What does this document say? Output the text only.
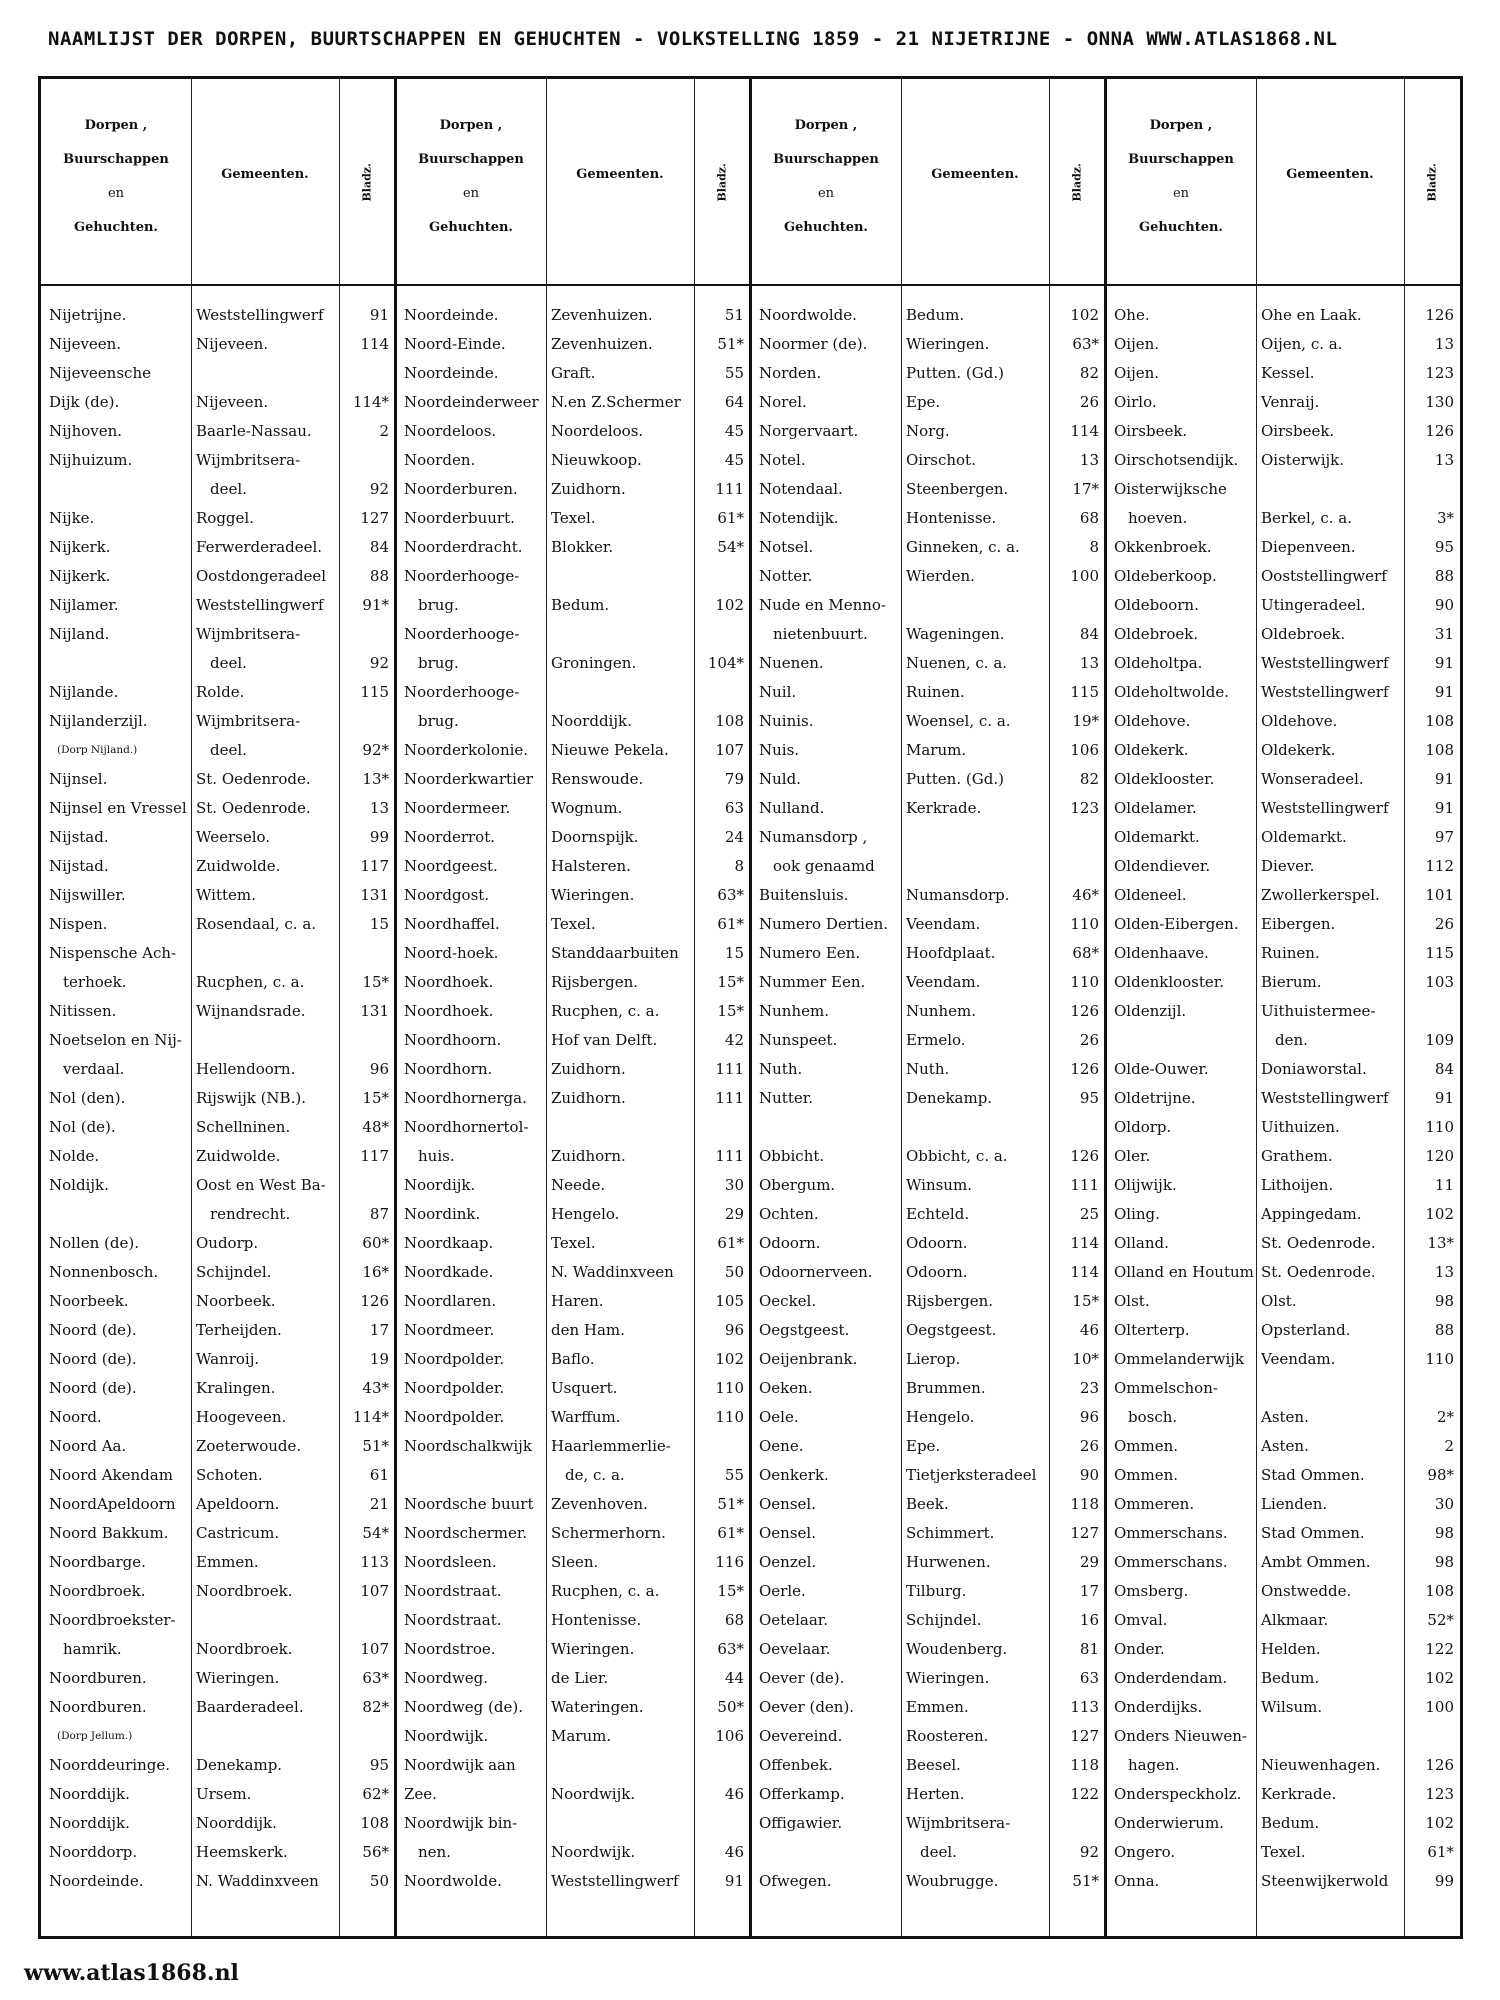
NAAMLIJST DER DORPEN, BUURTSCHAPPEN EN GEHUCHTEN - VOLKSTELLING 1859 - 21 NIJETRIJNE - ONNA WWW.ATLAS1868.NL
Dorpen ,
Buurschappen
en
Gehuchten.
Gemeenten.	Bladz.
Nijetrijne.	Weststellingwerf	91
Nijeveen.	Nijeveen.	114
Nijeveensche
Dijk (de).	Nijeveen.	114*
Nijhoven.	Baarle-Nassau.	2
Nijhuizum.	Wijmbritsera-
deel.	92
Nijke.	Roggel.	127
Nijkerk.	Ferwerderadeel.	84
Nijkerk.	Oostdongeradeel	88
Nijlamer.	Weststellingwerf	91*
Nijland.	Wijmbritsera-
deel.	92
Nijlande.	Rolde.	115
Nijlanderzijl.	Wijmbritsera-
(Dorp Nijland.)	deel.	92*
Nijnsel.	St. Oedenrode.	13*
Nijnsel en Vressel St. Oedenrode.	13
Nijstad.	Weerselo.	99
Nijstad.	Zuidwolde.	117
Nijswiller.	Wittem.	131
Nispen.	Rosendaal, c. a.	15
Nispensche Ach-
terhoek.	Rucphen, c. a.	15*
Nitissen.	Wijnandsrade.	131
Noetselon en Nij-
verdaal.	Hellendoorn.	96
Nol (den).	Rijswijk (NB.).	15*
Nol (de).	Schellninen.	48*
Nolde.	Zuidwolde.	117
Noldijk.	Oost en West Ba-
rendrecht.	87
Nollen (de).	Oudorp.	60*
Nonnenbosch.	Schijndel.	16*
Noorbeek.	Noorbeek.	126
Noord (de).	Terheijden.	17
Noord (de).	Wanroij.	19
Noord (de).	Kralingen.	43*
Noord.	Hoogeveen.	114*
Noord Aa.	Zoeterwoude.	51*
Noord Akendam	Schoten.	61
NoordApeldoorn	Apeldoorn.	21
Noord Bakkum.	Castricum.	54*
Noordbarge.	Emmen.	113
Noordbroek.	Noordbroek.	107
Noordbroekster-
hamrik.	Noordbroek.	107
Noordburen.	Wieringen.	63*
Noordburen.	Baarderadeel.	82*
(Dorp Jellum.)
Noorddeuringe.	Denekamp.	95
Noorddijk.	Ursem.	62*
Noorddijk.	Noorddijk.	108
Noorddorp.	Heemskerk.	56*
Noordeinde.	N. Waddinxveen	50
Dorpen ,
Buurschappen
en
Gehuchten.
Gemeenten.	Bladz.
Noordeinde.	Zevenhuizen.	51
Noord-Einde.	Zevenhuizen.	51*
Noordeinde.	Graft.	55
Noordeinderweer N.en Z.Schermer	64
Noordeloos.	Noordeloos.	45
Noorden.	Nieuwkoop.	45
Noorderburen.	Zuidhorn.	111
Noorderbuurt.	Texel.	61*
Noorderdracht.	Blokker.	54*
Noorderhooge-
brug.	Bedum.	102
Noorderhooge-
brug.	Groningen.	104*
Noorderhooge-
brug.	Noorddijk.	108
Noorderkolonie.	Nieuwe Pekela.	107
Noorderkwartier	Renswoude.	79
Noordermeer.	Wognum.	63
Noorderrot.	Doornspijk.	24
Noordgeest.	Halsteren.	8
Noordgost.	Wieringen.	63*
Noordhaffel.	Texel.	61*
Noord-hoek.	Standdaarbuiten	15
Noordhoek.	Rijsbergen.	15*
Noordhoek.	Rucphen, c. a.	15*
Noordhoorn.	Hof van Delft.	42
Noordhorn.	Zuidhorn.	111
Noordhornerga.	Zuidhorn.	111
Noordhornertol-
huis.	Zuidhorn.	111
Noordijk.	Neede.	30
Noordink.	Hengelo.	29
Noordkaap.	Texel.	61*
Noordkade.	N. Waddinxveen	50
Noordlaren.	Haren.	105
Noordmeer.	den Ham.	96
Noordpolder.	Baflo.	102
Noordpolder.	Usquert.	110
Noordpolder.	Warffum.	110
Noordschalkwijk	Haarlemmerlie-
de, c. a.	55
Noordsche buurt	Zevenhoven.	51*
Noordschermer.	Schermerhorn.	61*
Noordsleen.	Sleen.	116
Noordstraat.	Rucphen, c. a.	15*
Noordstraat.	Hontenisse.	68
Noordstroe.	Wieringen.	63*
Noordweg.	de Lier.	44
Noordweg (de).	Wateringen.	50*
Noordwijk.	Marum.	106
Noordwijk aan
Zee.	Noordwijk.	46
Noordwijk bin-
nen.	Noordwijk.	46
Noordwolde.	Weststellingwerf	91
Dorpen ,
Buurschappen
en
Gehuchten.
Gemeenten.	Bladz.
Noordwolde.	Bedum.	102
Noormer (de).	Wieringen.	63*
Norden.	Putten. (Gd.)	82
Norel.	Epe.	26
Norgervaart.	Norg.	114
Notel.	Oirschot.	13
Notendaal.	Steenbergen.	17*
Notendijk.	Hontenisse.	68
Notsel.	Ginneken, c. a.	8
Notter.	Wierden.	100
Nude en Menno-
nietenbuurt.	Wageningen.	84
Nuenen.	Nuenen, c. a.	13
Nuil.	Ruinen.	115
Nuinis.	Woensel, c. a.	19*
Nuis.	Marum.	106
Nuld.	Putten. (Gd.)	82
Nulland.	Kerkrade.	123
Numansdorp ,
ook genaamd
Buitensluis.	Numansdorp.	46*
Numero Dertien.	Veendam.	110
Numero Een.	Hoofdplaat.	68*
Nummer Een.	Veendam.	110
Nunhem.	Nunhem.	126
Nunspeet.	Ermelo.	26
Nuth.	Nuth.	126
Nutter.	Denekamp.	95
Obbicht.	Obbicht, c. a.	126
Obergum.	Winsum.	111
Ochten.	Echteld.	25
Odoorn.	Odoorn.	114
Odoornerveen.	Odoorn.	114
Oeckel.	Rijsbergen.	15*
Oegstgeest.	Oegstgeest.	46
Oeijenbrank.	Lierop.	10*
Oeken.	Brummen.	23
Oele.	Hengelo.	96
Oene.	Epe.	26
Oenkerk.	Tietjerksteradeel	90
Oensel.	Beek.	118
Oensel.	Schimmert.	127
Oenzel.	Hurwenen.	29
Oerle.	Tilburg.	17
Oetelaar.	Schijndel.	16
Oevelaar.	Woudenberg.	81
Oever (de).	Wieringen.	63
Oever (den).	Emmen.	113
Oevereind.	Roosteren.	127
Offenbek.	Beesel.	118
Offerkamp.	Herten.	122
Offigawier.	Wijmbritsera-
deel.	92
Ofwegen.	Woubrugge.	51*
Dorpen ,
Buurschappen
en
Gehuchten.
Gemeenten.	Bladz.
Ohe.	Ohe en Laak.	126
Oijen.	Oijen, c. a.	13
Oijen.	Kessel.	123
Oirlo.	Venraij.	130
Oirsbeek.	Oirsbeek.	126
Oirschotsendijk.	Oisterwijk.	13
Oisterwijksche
hoeven.	Berkel, c. a.	3*
Okkenbroek.	Diepenveen.	95
Oldeberkoop.	Ooststellingwerf	88
Oldeboorn.	Utingeradeel.	90
Oldebroek.	Oldebroek.	31
Oldeholtpa.	Weststellingwerf	91
Oldeholtwolde.	Weststellingwerf	91
Oldehove.	Oldehove.	108
Oldekerk.	Oldekerk.	108
Oldeklooster.	Wonseradeel.	91
Oldelamer.	Weststellingwerf	91
Oldemarkt.	Oldemarkt.	97
Oldendiever.	Diever.	112
Oldeneel.	Zwollerkerspel.	101
Olden-Eibergen.	Eibergen.	26
Oldenhaave.	Ruinen.	115
Oldenklooster.	Bierum.	103
Oldenzijl.	Uithuistermee-
den.	109
Olde-Ouwer.	Doniaworstal.	84
Oldetrijne.	Weststellingwerf	91
Oldorp.	Uithuizen.	110
Oler.	Grathem.	120
Olijwijk.	Lithoijen.	11
Oling.	Appingedam.	102
Olland.	St. Oedenrode.	13*
Olland en Houtum St. Oedenrode.	13
Olst.	Olst.	98
Olterterp.	Opsterland.	88
Ommelanderwijk	Veendam.	110
Ommelschon-
bosch.	Asten.	2*
Ommen.	Asten.	2
Ommen.	Stad Ommen.	98*
Ommeren.	Lienden.	30
Ommerschans.	Stad Ommen.	98
Ommerschans.	Ambt Ommen.	98
Omsberg.	Onstwedde.	108
Omval.	Alkmaar.	52*
Onder.	Helden.	122
Onderdendam.	Bedum.	102
Onderdijks.	Wilsum.	100
Onders Nieuwen-
hagen.	Nieuwenhagen.	126
Onderspeckholz.	Kerkrade.	123
Onderwierum.	Bedum.	102
Ongero.	Texel.	61*
Onna.	Steenwijkerwold	99
www.atlas1868.nl
